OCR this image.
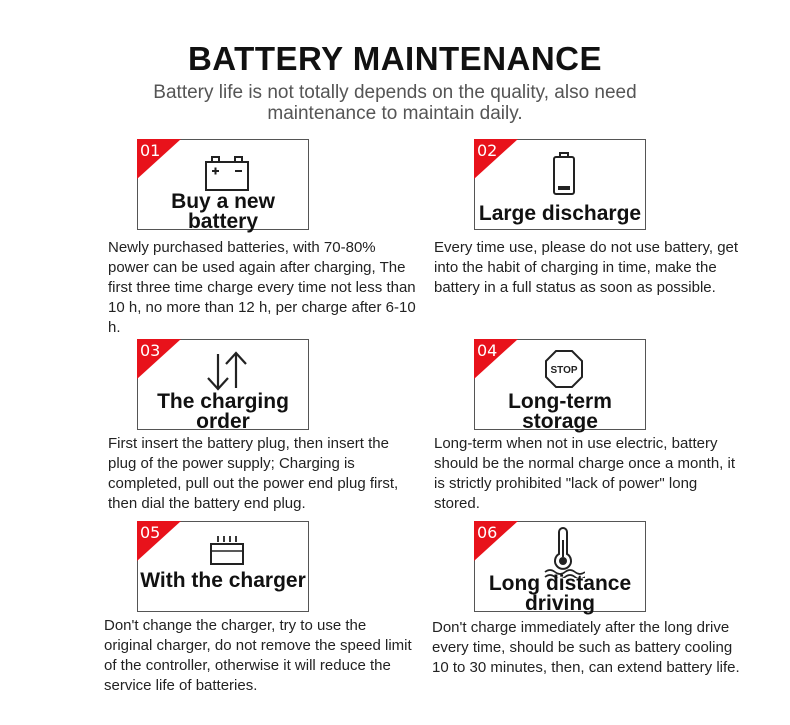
BATTERY MAINTENANCE
Battery life is not totally depends on the quality, also need maintenance to maintain daily.
01
Buy a new battery
Newly purchased batteries, with 70-80% power can be used again after charging, The first three time charge every time not less than 10 h, no more than 12 h, per charge after 6-10 h.
02
Large discharge
Every time use, please do not use battery, get into the habit of charging in time, make the battery in a full status as soon as possible.
03
The charging order
First insert the battery plug, then insert the plug of the power supply; Charging is completed, pull out the power end plug first, then dial the battery end plug.
04
STOP
Long-term storage
Long-term when not in use electric, battery should be the normal charge once a month, it is strictly prohibited "lack of power" long stored.
05
With the charger
Don't change the charger, try to use the original charger, do not remove the speed limit of the controller, otherwise it will reduce the service life of batteries.
06
Long distance driving
Don't charge immediately after the long drive every time, should be such as battery cooling 10 to 30 minutes, then, can extend battery life.
